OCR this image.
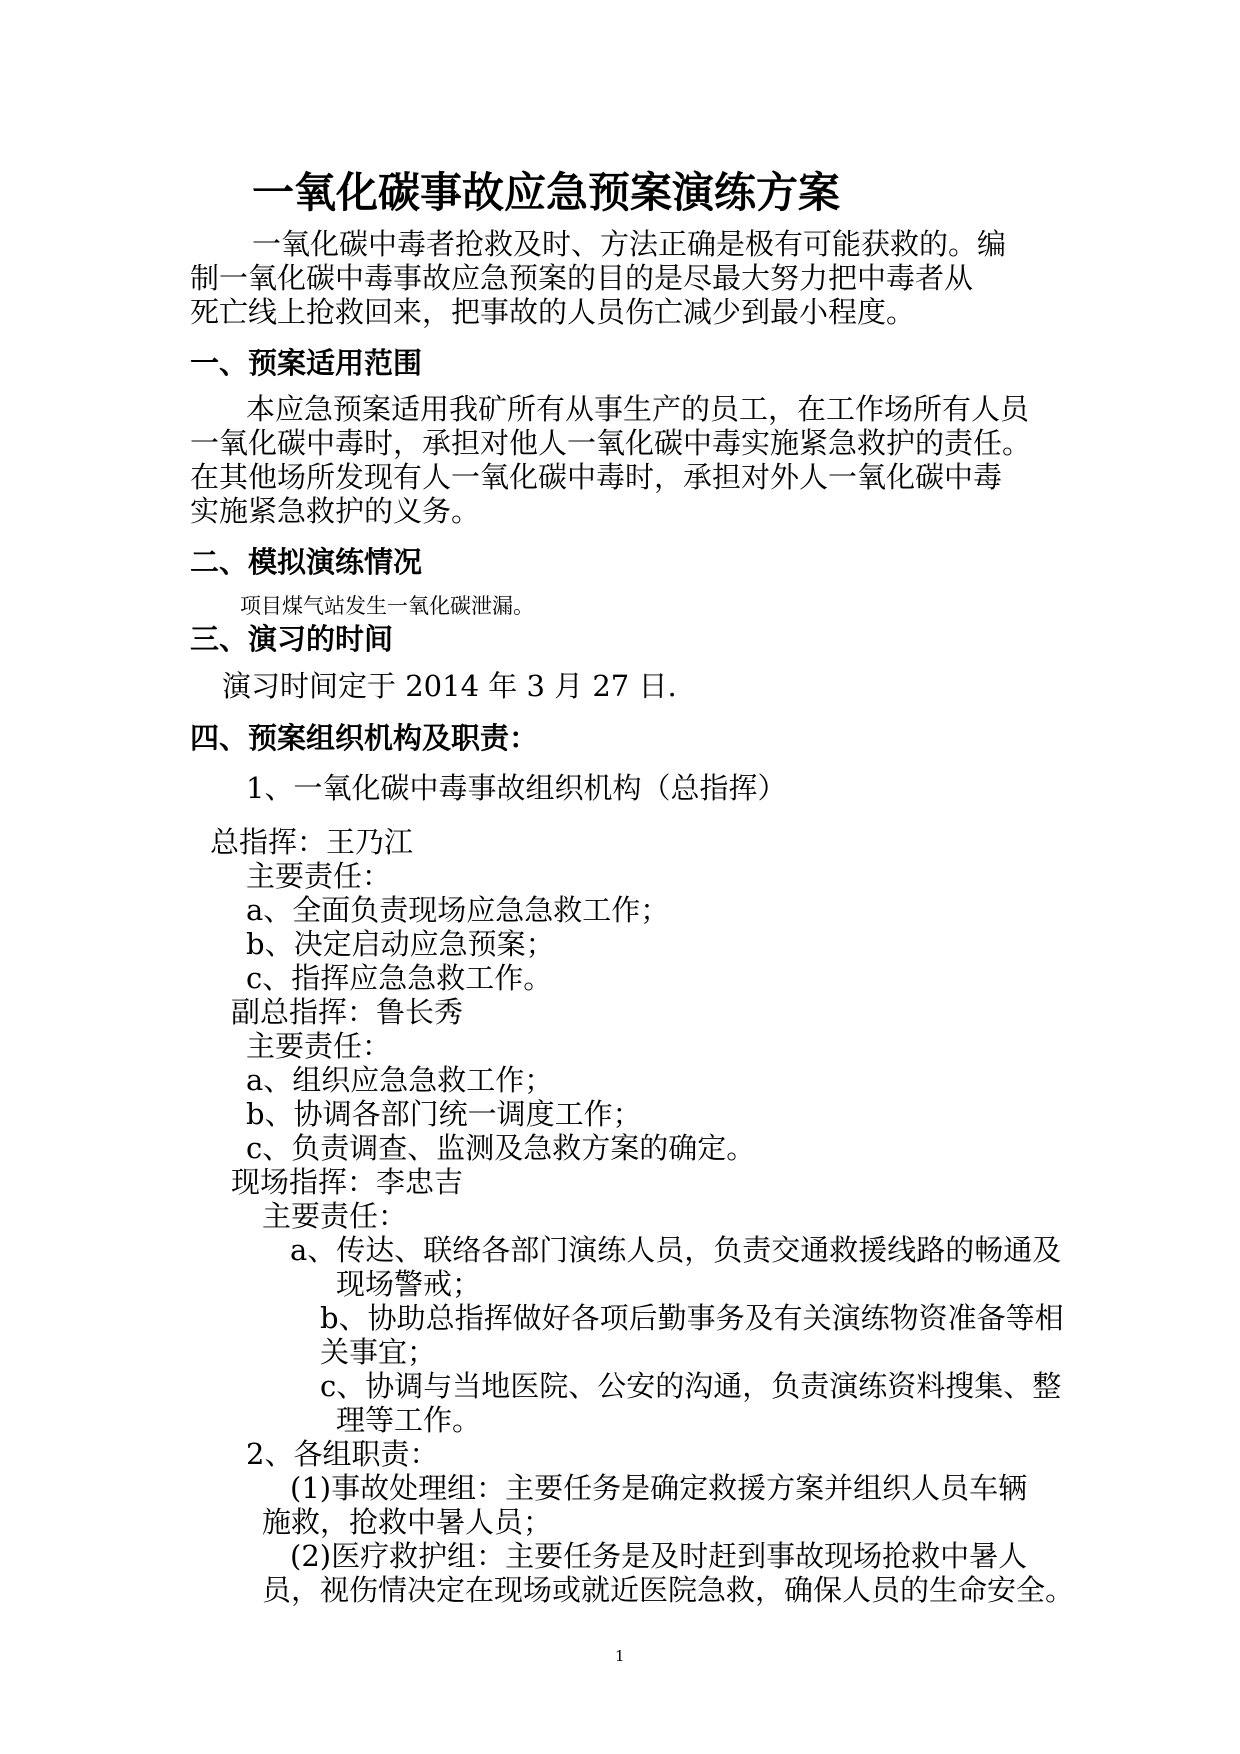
一氧化碳事故应急预案演练方案
一氧化碳中毒者抢救及时、方法正确是极有可能获救的。编
制一氧化碳中毒事故应急预案的目的是尽最大努力把中毒者从
死亡线上抢救回来，把事故的人员伤亡减少到最小程度。
一、预案适用范围
本应急预案适用我矿所有从事生产的员工，在工作场所有人员
一氧化碳中毒时，承担对他人一氧化碳中毒实施紧急救护的责任。
在其他场所发现有人一氧化碳中毒时，承担对外人一氧化碳中毒
实施紧急救护的义务。
二、模拟演练情况
项目煤气站发生一氧化碳泄漏。
三、演习的时间
演习时间定于 2014 年 3 月 27 日.
四、预案组织机构及职责：
1、一氧化碳中毒事故组织机构（总指挥）
总指挥：王乃江
主要责任：
a、全面负责现场应急急救工作；
b、决定启动应急预案；
c、指挥应急急救工作。
副总指挥：鲁长秀
主要责任：
a、组织应急急救工作；
b、协调各部门统一调度工作；
c、负责调查、监测及急救方案的确定。
现场指挥：李忠吉
主要责任：
a、传达、联络各部门演练人员，负责交通救援线路的畅通及
现场警戒；
b、协助总指挥做好各项后勤事务及有关演练物资准备等相
关事宜；
c、协调与当地医院、公安的沟通，负责演练资料搜集、整
理等工作。
2、各组职责：
(1)事故处理组：主要任务是确定救援方案并组织人员车辆
施救，抢救中暑人员；
(2)医疗救护组：主要任务是及时赶到事故现场抢救中暑人
员，视伤情决定在现场或就近医院急救，确保人员的生命安全。
1
